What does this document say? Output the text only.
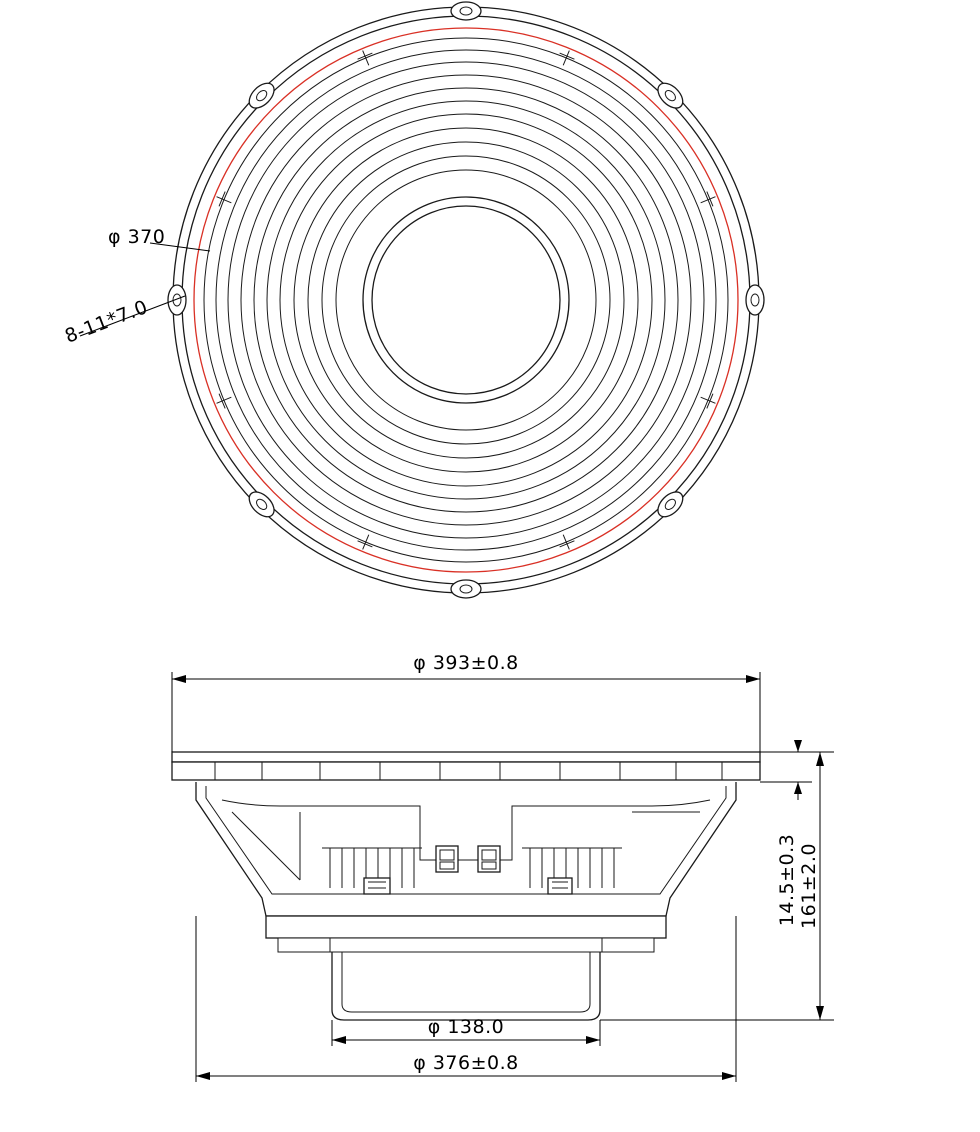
φ 370
8-11*7.0
φ 393±0.8
14.5±0.3 161±2.0
φ 138.0
φ 376±0.8
